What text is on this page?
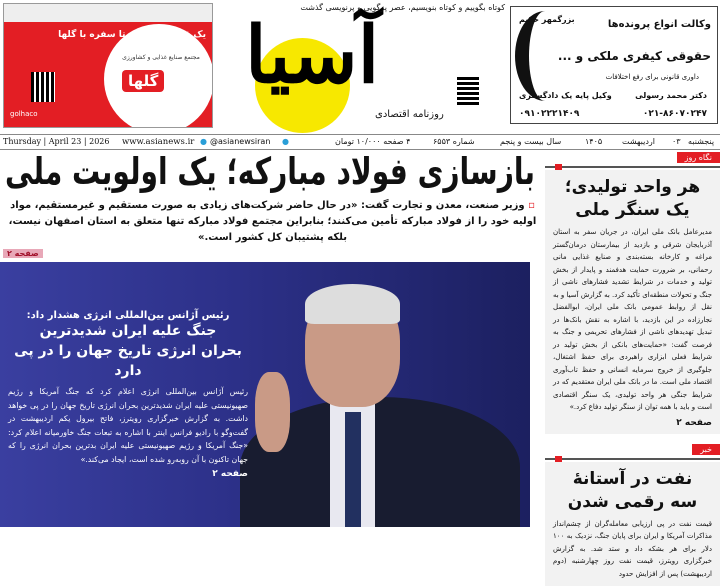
یک قرن از مزرعه تا سفره با گلها
مجتمع صنایع غذایی و کشاورزی
گلها
golhaco
آسیا
کوتاه بگوییم و کوتاه بنویسیم، عصر پرگویی و پرنویسی گذشت
روزنامه اقتصادی
بزرگمهر حکیم	وکالت انواع پرونده‌ها
حقوقی کیفری ملکی و ...
داوری قانونی برای رفع اختلافات
دکتر محمد رسولی
وکیل پایه یک دادگستری
۰۲۱-۸۶۰۷۰۲۴۷
۰۹۱۰۲۲۲۱۴۰۹
Thursday | April 23 | 2026 www.asianews.ir ● @asianewsiran ●	۴ صفحه ۱۰/۰۰۰ تومان	شماره ۶۵۵۳	سال بیست و پنجم	۱۴۰۵ اردیبهشت ۰۳ پنجشنبه
بازسازی فولاد مبارکه؛ یک اولویت ملی
▫ وزیر صنعت، معدن و تجارت گفت: «در حال حاضر شرکت‌های زیادی به صورت مستقیم و غیرمستقیم، مواد اولیه خود را از فولاد مبارکه تأمین می‌کنند؛ بنابراین مجتمع فولاد مبارکه تنها متعلق به استان اصفهان نیست، بلکه پشتیبان کل کشور است.»
صفحه ۲
رئیس آژانس بین‌المللی انرژی هشدار داد:
جنگ علیه ایران شدیدترین
بحران انرژی تاریخ جهان را در پی دارد

رئیس آژانس بین‌المللی انرژی اعلام کرد که جنگ آمریکا و رژیم صهیونیستی علیه ایران شدیدترین بحران انرژی تاریخ جهان را در پی خواهد داشت. به گزارش خبرگزاری رویترز، فاتح بیرول یکم اردیبهشت در گفت‌وگو با رادیو فرانس اینتر با اشاره به تبعات جنگ خاورمیانه اعلام کرد: «جنگ آمریکا و رژیم صهیونیستی علیه ایران بدترین بحران انرژی را که جهان تاکنون با آن روبه‌رو شده است، ایجاد می‌کند.»

صفحه ۲
نگاه روز
هر واحد تولیدی؛
یک سنگر ملی

مدیرعامل بانک ملی ایران، در جریان سفر به استان آذربایجان شرقی و بازدید از بیمارستان درمان‌گستر مراغه و کارخانه بسته‌بندی و صنایع غذایی مانی رحمانی، بر ضرورت حمایت هدفمند و پایدار از بخش تولید و خدمات در شرایط تشدید فشارهای ناشی از جنگ و تحولات منطقه‌ای تأکید کرد. به گزارش آسیا و به نقل از روابط عمومی بانک ملی ایران، ابوالفضل نجارزاده در این بازدید، با اشاره به نقش بانک‌ها در تبدیل تهدیدهای ناشی از فشارهای تحریمی و جنگ به فرصت گفت: «حمایت‌های بانکی از بخش تولید در شرایط فعلی ابزاری راهبردی برای حفظ اشتغال، جلوگیری از خروج سرمایه انسانی و حفظ تاب‌آوری اقتصاد ملی است. ما در بانک ملی ایران معتقدیم که در شرایط جنگی هر واحد تولیدی، یک سنگر اقتصادی است و باید با همه توان از سنگر تولید دفاع کرد.»

صفحه ۲
خبر
نفت در آستانهٔ
سه رقمی شدن

قیمت نفت در پی ارزیابی معامله‌گران از چشم‌انداز مذاکرات آمریکا و ایران برای پایان جنگ، نزدیک به ۱۰۰ دلار برای هر بشکه داد و ستد شد. به گزارش خبرگزاری رویترز، قیمت نفت روز چهارشنبه (دوم اردیبهشت) پس از افزایش حدود
